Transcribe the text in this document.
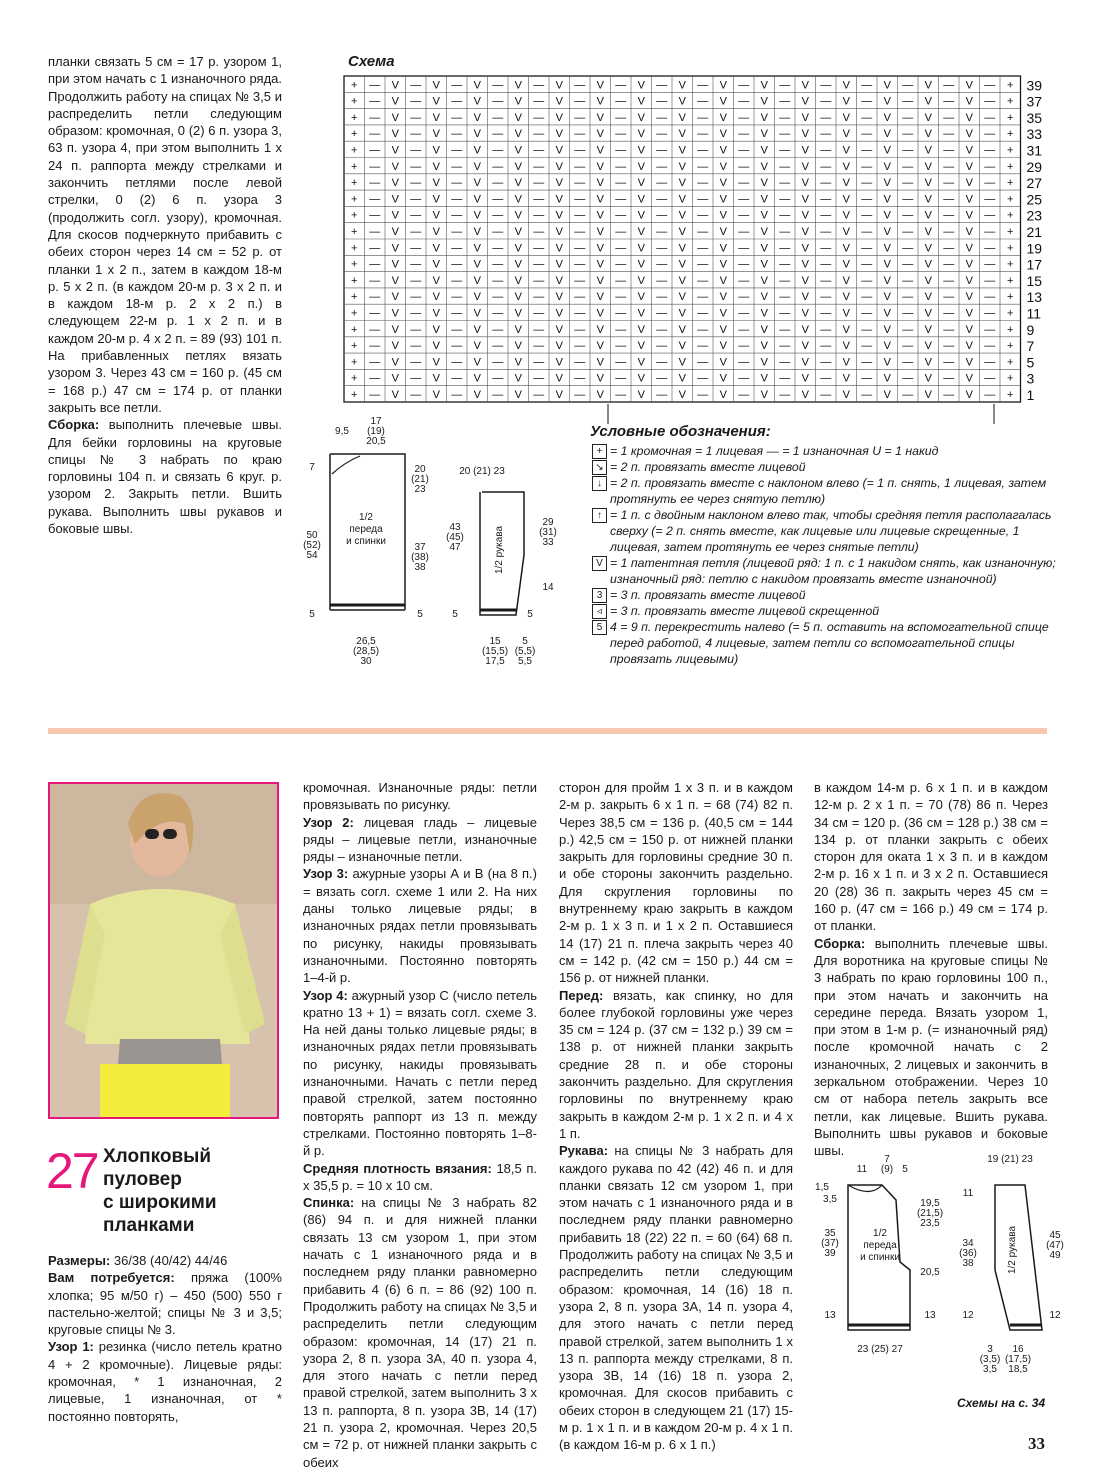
планки связать 5 см = 17 р. узором 1, при этом начать с 1 изнаночного ряда. Продолжить работу на спицах № 3,5 и распределить петли следующим образом: кромочная, 0 (2) 6 п. узора 3, 63 п. узора 4, при этом выполнить 1 х 24 п. раппорта между стрелками и закончить петлями после левой стрелки, 0 (2) 6 п. узора 3 (продолжить согл. узору), кромочная. Для скосов подчеркнуто прибавить с обеих сторон через 14 см = 52 р. от планки 1 х 2 п., затем в каждом 18-м р. 5 х 2 п. (в каждом 20-м р. 3 х 2 п. и в каждом 18-м р. 2 х 2 п.) в следующем 22-м р. 1 х 2 п. и в каждом 20-м р. 4 х 2 п. = 89 (93) 101 п. На прибавленных петлях вязать узором 3. Через 43 см = 160 р. (45 см = 168 р.) 47 см = 174 р. от планки закрыть все петли.

Сборка: выполнить плечевые швы. Для бейки горловины на круговые спицы № 3 набрать по краю горловины 104 п. и связать 6 круг. р. узором 2. Закрыть петли. Вшить рукава. Выполнить швы рукавов и боковые швы.

Схема
+ — V — V — V — V — V — V — V — V — V — V — V — V — V — V — V — + 39
+ — V — V — V — V — V — V — V — V — V — V — V — V — V — V — V — + 37
+ — V — V — V — V — V — V — V — V — V — V — V — V — V — V — V — + 35
+ — V — V — V — V — V — V — V — V — V — V — V — V — V — V — V — + 33
+ — V — V — V — V — V — V — V — V — V — V — V — V — V — V — V — + 31
+ — V — V — V — V — V — V — V — V — V — V — V — V — V — V — V — + 29
+ — V — V — V — V — V — V — V — V — V — V — V — V — V — V — V — + 27
+ — V — V — V — V — V — V — V — V — V — V — V — V — V — V — V — + 25
+ — V — V — V — V — V — V — V — V — V — V — V — V — V — V — V — + 23
+ — V — V — V — V — V — V — V — V — V — V — V — V — V — V — V — + 21
+ — V — V — V — V — V — V — V — V — V — V — V — V — V — V — V — + 19
+ — V — V — V — V — V — V — V — V — V — V — V — V — V — V — V — + 17
+ — V — V — V — V — V — V — V — V — V — V — V — V — V — V — V — + 15
+ — V — V — V — V — V — V — V — V — V — V — V — V — V — V — V — + 13
+ — V — V — V — V — V — V — V — V — V — V — V — V — V — V — V — + 11
+ — V — V — V — V — V — V — V — V — V — V — V — V — V — V — V — + 9
+ — V — V — V — V — V — V — V — V — V — V — V — V — V — V — V — + 7
+ — V — V — V — V — V — V — V — V — V — V — V — V — V — V — V — + 5
+ — V — V — V — V — V — V — V — V — V — V — V — V — V — V — V — + 3
+ — V — V — V — V — V — V — V — V — V — V — V — V — V — V — V — + 1
17
(19)
20,5
9,5
7	20
(21)
23
1/2
переда
и спинки
50
(52)
54
37
(38)
38
5	5
26,5
(28,5)
30
20 (21) 23
43
(45)
47	1/2 рукава
29
(31)
33
14
5	5
15
(15,5)
17,5
5
(5,5)
5,5
Условные обозначения:
+ = 1 кромочная = 1 лицевая — = 1 изнаночная U = 1 накид
↘ = 2 п. провязать вместе лицевой
↓ = 2 п. провязать вместе с наклоном влево (= 1 п. снять, 1 лицевая, затем протянуть ее через снятую петлю)
↑ = 1 п. с двойным наклоном влево так, чтобы средняя петля располагалась сверху (= 2 п. снять вместе, как лицевые или лицевые скрещенные, 1 лицевая, затем протянуть ее через снятые петли)
V = 1 патентная петля (лицевой ряд: 1 п. с 1 накидом снять, как изнаночную; изнаночный ряд: петлю с накидом провязать вместе изнаночной)
3 = 3 п. провязать вместе лицевой
◃ = 3 п. провязать вместе лицевой скрещенной
5 4 = 9 п. перекрестить налево (= 5 п. оставить на вспомогательной спице перед работой, 4 лицевые, затем петли со вспомогательной спицы провязать лицевыми)
27 Хлопковый
пуловер
с широкими
планками

Размеры: 36/38 (40/42) 44/46

Вам потребуется: пряжа (100% хлопка; 95 м/50 г) – 450 (500) 550 г пастельно-желтой; спицы № 3 и 3,5; круговые спицы № 3.

Узор 1: резинка (число петель кратно 4 + 2 кромочные). Лицевые ряды: кромочная, * 1 изнаночная, 2 лицевые, 1 изнаночная, от * постоянно повторять,

кромочная. Изнаночные ряды: петли провязывать по рисунку.

Узор 2: лицевая гладь – лицевые ряды – лицевые петли, изнаночные ряды – изнаночные петли.

Узор 3: ажурные узоры А и В (на 8 п.) = вязать согл. схеме 1 или 2. На них даны только лицевые ряды; в изнаночных рядах петли провязывать по рисунку, накиды провязывать изнаночными. Постоянно повторять 1–4-й р.

Узор 4: ажурный узор С (число петель кратно 13 + 1) = вязать согл. схеме 3. На ней даны только лицевые ряды; в изнаночных рядах петли провязывать по рисунку, накиды провязывать изнаночными. Начать с петли перед правой стрелкой, затем постоянно повторять раппорт из 13 п. между стрелками. Постоянно повторять 1–8-й р.

Средняя плотность вязания: 18,5 п. х 35,5 р. = 10 х 10 см.

Спинка: на спицы № 3 набрать 82 (86) 94 п. и для нижней планки связать 13 см узором 1, при этом начать с 1 изнаночного ряда и в последнем ряду планки равномерно прибавить 4 (6) 6 п. = 86 (92) 100 п. Продолжить работу на спицах № 3,5 и распределить петли следующим образом: кромочная, 14 (17) 21 п. узора 2, 8 п. узора 3А, 40 п. узора 4, для этого начать с петли перед правой стрелкой, затем выполнить 3 х 13 п. раппорта, 8 п. узора 3В, 14 (17) 21 п. узора 2, кромочная. Через 20,5 см = 72 р. от нижней планки закрыть с обеих

сторон для пройм 1 х 3 п. и в каждом 2-м р. закрыть 6 х 1 п. = 68 (74) 82 п. Через 38,5 см = 136 р. (40,5 см = 144 р.) 42,5 см = 150 р. от нижней планки закрыть для горловины средние 30 п. и обе стороны закончить раздельно. Для скругления горловины по внутреннему краю закрыть в каждом 2-м р. 1 х 3 п. и 1 х 2 п. Оставшиеся 14 (17) 21 п. плеча закрыть через 40 см = 142 р. (42 см = 150 р.) 44 см = 156 р. от нижней планки.

Перед: вязать, как спинку, но для более глубокой горловины уже через 35 см = 124 р. (37 см = 132 р.) 39 см = 138 р. от нижней планки закрыть средние 28 п. и обе стороны закончить раздельно. Для скругления горловины по внутреннему краю закрыть в каждом 2-м р. 1 х 2 п. и 4 х 1 п.

Рукава: на спицы № 3 набрать для каждого рукава по 42 (42) 46 п. и для планки связать 12 см узором 1, при этом начать с 1 изнаночного ряда и в последнем ряду планки равномерно прибавить 18 (22) 22 п. = 60 (64) 68 п. Продолжить работу на спицах № 3,5 и распределить петли следующим образом: кромочная, 14 (16) 18 п. узора 2, 8 п. узора 3А, 14 п. узора 4, для этого начать с петли перед правой стрелкой, затем выполнить 1 х 13 п. раппорта между стрелками, 8 п. узора 3В, 14 (16) 18 п. узора 2, кромочная. Для скосов прибавить с обеих сторон в следующем 21 (17) 15-м р. 1 х 1 п. и в каждом 20-м р. 4 х 1 п. (в каждом 16-м р. 6 х 1 п.)

в каждом 14-м р. 6 х 1 п. и в каждом 12-м р. 2 х 1 п. = 70 (78) 86 п. Через 34 см = 120 р. (36 см = 128 р.) 38 см = 134 р. от планки закрыть с обеих сторон для оката 1 х 3 п. и в каждом 2-м р. 16 х 1 п. и 3 х 2 п. Оставшиеся 20 (28) 36 п. закрыть через 45 см = 160 р. (47 см = 166 р.) 49 см = 174 р. от планки.

Сборка: выполнить плечевые швы. Для воротника на круговые спицы № 3 набрать по краю горловины 100 п., при этом начать и закончить на середине переда. Вязать узором 1, при этом в 1-м р. (= изнаночный ряд) после кромочной начать с 2 изнаночных, 2 лицевых и закончить в зеркальном отображении. Через 10 см от набора петель закрыть все петли, как лицевые. Вшить рукава. Выполнить швы рукавов и боковые швы.

11
7
(9) 5
1,5
3,5	19,5
(21,5)
23,5
35
(37)
39
1/2
переда
и спинки
20,5
13	13
23 (25) 27
19 (21) 23
11
34
(36)
38	1/2 рукава	45
(47)
49
12	12
3
(3,5)
3,5
16
(17,5)
18,5
Схемы на с. 34
33
